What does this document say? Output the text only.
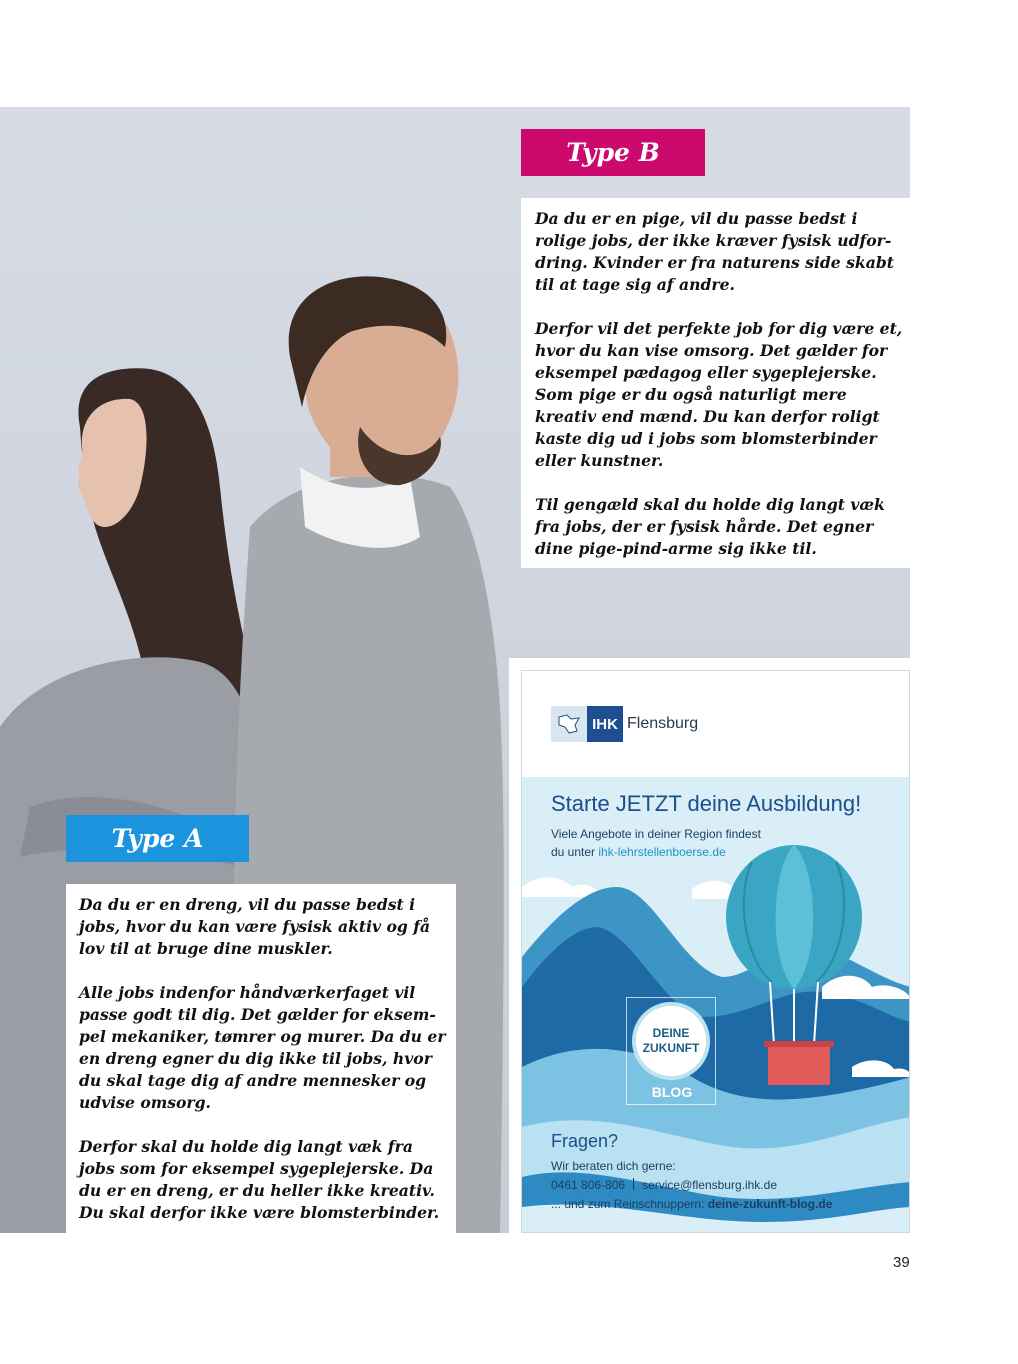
Type B

Da du er en pige, vil du passe bedst i
rolige jobs, der ikke kræver fysisk udfor-
dring. Kvinder er fra naturens side skabt
til at tage sig af andre.

Derfor vil det perfekte job for dig være et,
hvor du kan vise omsorg. Det gælder for
eksempel pædagog eller sygeplejerske.
Som pige er du også naturligt mere
kreativ end mænd. Du kan derfor roligt
kaste dig ud i jobs som blomsterbinder
eller kunstner.

Til gengæld skal du holde dig langt væk
fra jobs, der er fysisk hårde. Det egner
dine pige-pind-arme sig ikke til.

Type A

Da du er en dreng, vil du passe bedst i
jobs, hvor du kan være fysisk aktiv og få
lov til at bruge dine muskler.

Alle jobs indenfor håndværkerfaget vil
passe godt til dig. Det gælder for eksem-
pel mekaniker, tømrer og murer. Da du er
en dreng egner du dig ikke til jobs, hvor
du skal tage dig af andre mennesker og
udvise omsorg.

Derfor skal du holde dig langt væk fra
jobs som for eksempel sygeplejerske. Da
du er en dreng, er du heller ikke kreativ.
Du skal derfor ikke være blomsterbinder.

IHK Flensburg
Starte JETZT deine Ausbildung!
Viele Angebote in deiner Region findest
du unter ihk-lehrstellenboerse.de
DEINE
ZUKUNFT
BLOG
Fragen?
Wir beraten dich gerne:
0461 806-806 service@flensburg.ihk.de
... und zum Reinschnuppern: deine-zukunft-blog.de
39
